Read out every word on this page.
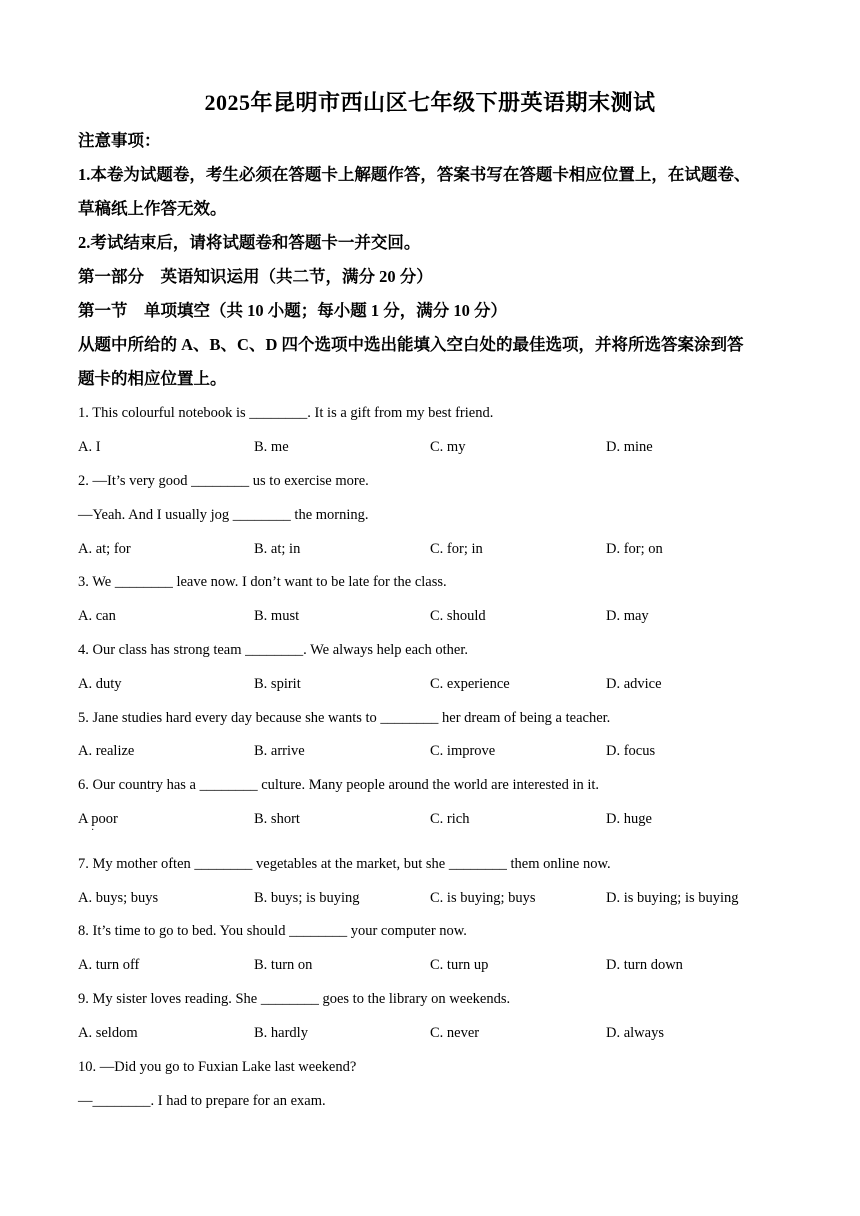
2025年昆明市西山区七年级下册英语期末测试
注意事项：
1.本卷为试题卷，考生必须在答题卡上解题作答，答案书写在答题卡相应位置上，在试题卷、
草稿纸上作答无效。
2.考试结束后，请将试题卷和答题卡一并交回。
第一部分　英语知识运用（共二节，满分 20 分）
第一节　单项填空（共 10 小题；每小题 1 分，满分 10 分）
从题中所给的 A、B、C、D 四个选项中选出能填入空白处的最佳选项，并将所选答案涂到答
题卡的相应位置上。
1. This colourful notebook is ________. It is a gift from my best friend.
A. I	B. me	C. my	D. mine
2. —It’s very good ________ us to exercise more.
—Yeah. And I usually jog ________ the morning.
A. at; for	B. at; in	C. for; in	D. for; on
3. We ________ leave now. I don’t want to be late for the class.
A. can	B. must	C. should	D. may
4. Our class has strong team ________. We always help each other.
A. duty	B. spirit	C. experience	D. advice
5. Jane studies hard every day because she wants to ________ her dream of being a teacher.
A. realize	B. arrive	C. improve	D. focus
6. Our country has a ________ culture. Many people around the world are interested in it.
A poor	B. short	C. rich	D. huge
·
7. My mother often ________ vegetables at the market, but she ________ them online now.
A. buys; buys	B. buys; is buying	C. is buying; buys	D. is buying; is buying
8. It’s time to go to bed. You should ________ your computer now.
A. turn off	B. turn on	C. turn up	D. turn down
9. My sister loves reading. She ________ goes to the library on weekends.
A. seldom	B. hardly	C. never	D. always
10. —Did you go to Fuxian Lake last weekend?
—________. I had to prepare for an exam.
